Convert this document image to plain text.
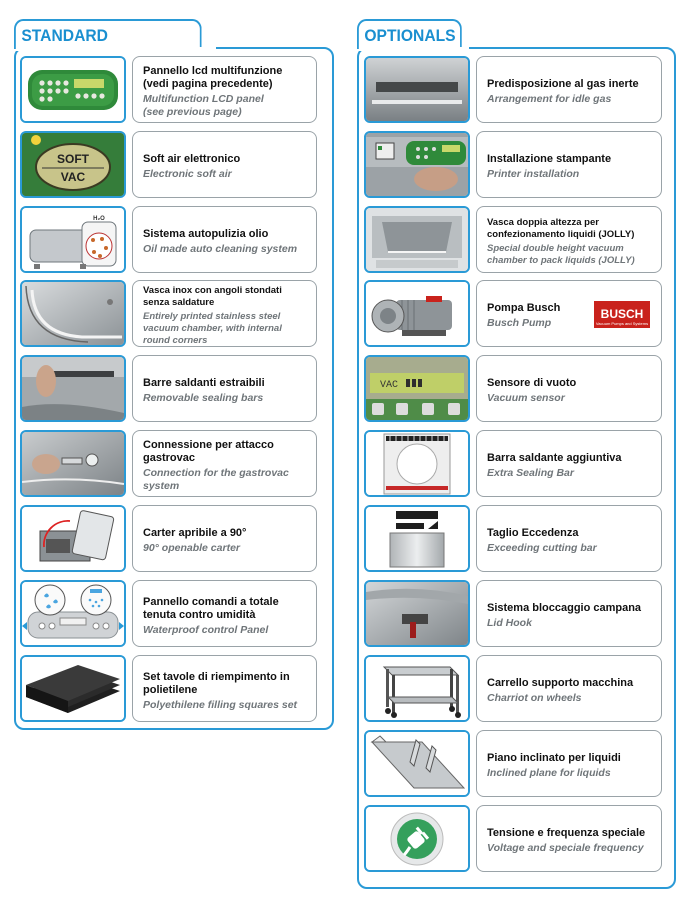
STANDARD	OPTIONALS
Pannello lcd multifunzione
(vedi pagina precedente)
Multifunction LCD panel
(see previous page)
SOFT
VAC
Soft air elettronico
Electronic soft air
H₂O
Sistema autopulizia olio
Oil made auto cleaning system
Vasca inox con angoli stondati senza saldature
Entirely printed stainless steel vacuum chamber, with internal round corners
Barre saldanti estraibili
Removable sealing bars
Connessione per attacco gastrovac
Connection for the gastrovac system
Carter apribile a 90°
90° openable carter
Pannello comandi a totale tenuta contro umidità
Waterproof control Panel
Set tavole di riempimento in polietilene
Polyethilene filling squares set
Predisposizione al gas inerte
Arrangement for idle gas
Installazione stampante
Printer installation
Vasca doppia altezza per confezionamento liquidi (JOLLY)
Special double height vacuum chamber to pack liquids (JOLLY)
Pompa Busch
Busch Pump
BUSCH
Vacuum Pumps and Systems
VAC	Sensore di vuoto
Vacuum sensor
Barra saldante aggiuntiva
Extra Sealing Bar
Taglio Eccedenza
Exceeding cutting bar
Sistema bloccaggio campana
Lid Hook
Carrello supporto macchina
Charriot on wheels
Piano inclinato per liquidi
Inclined plane for liquids
Tensione e frequenza speciale
Voltage and speciale frequency
